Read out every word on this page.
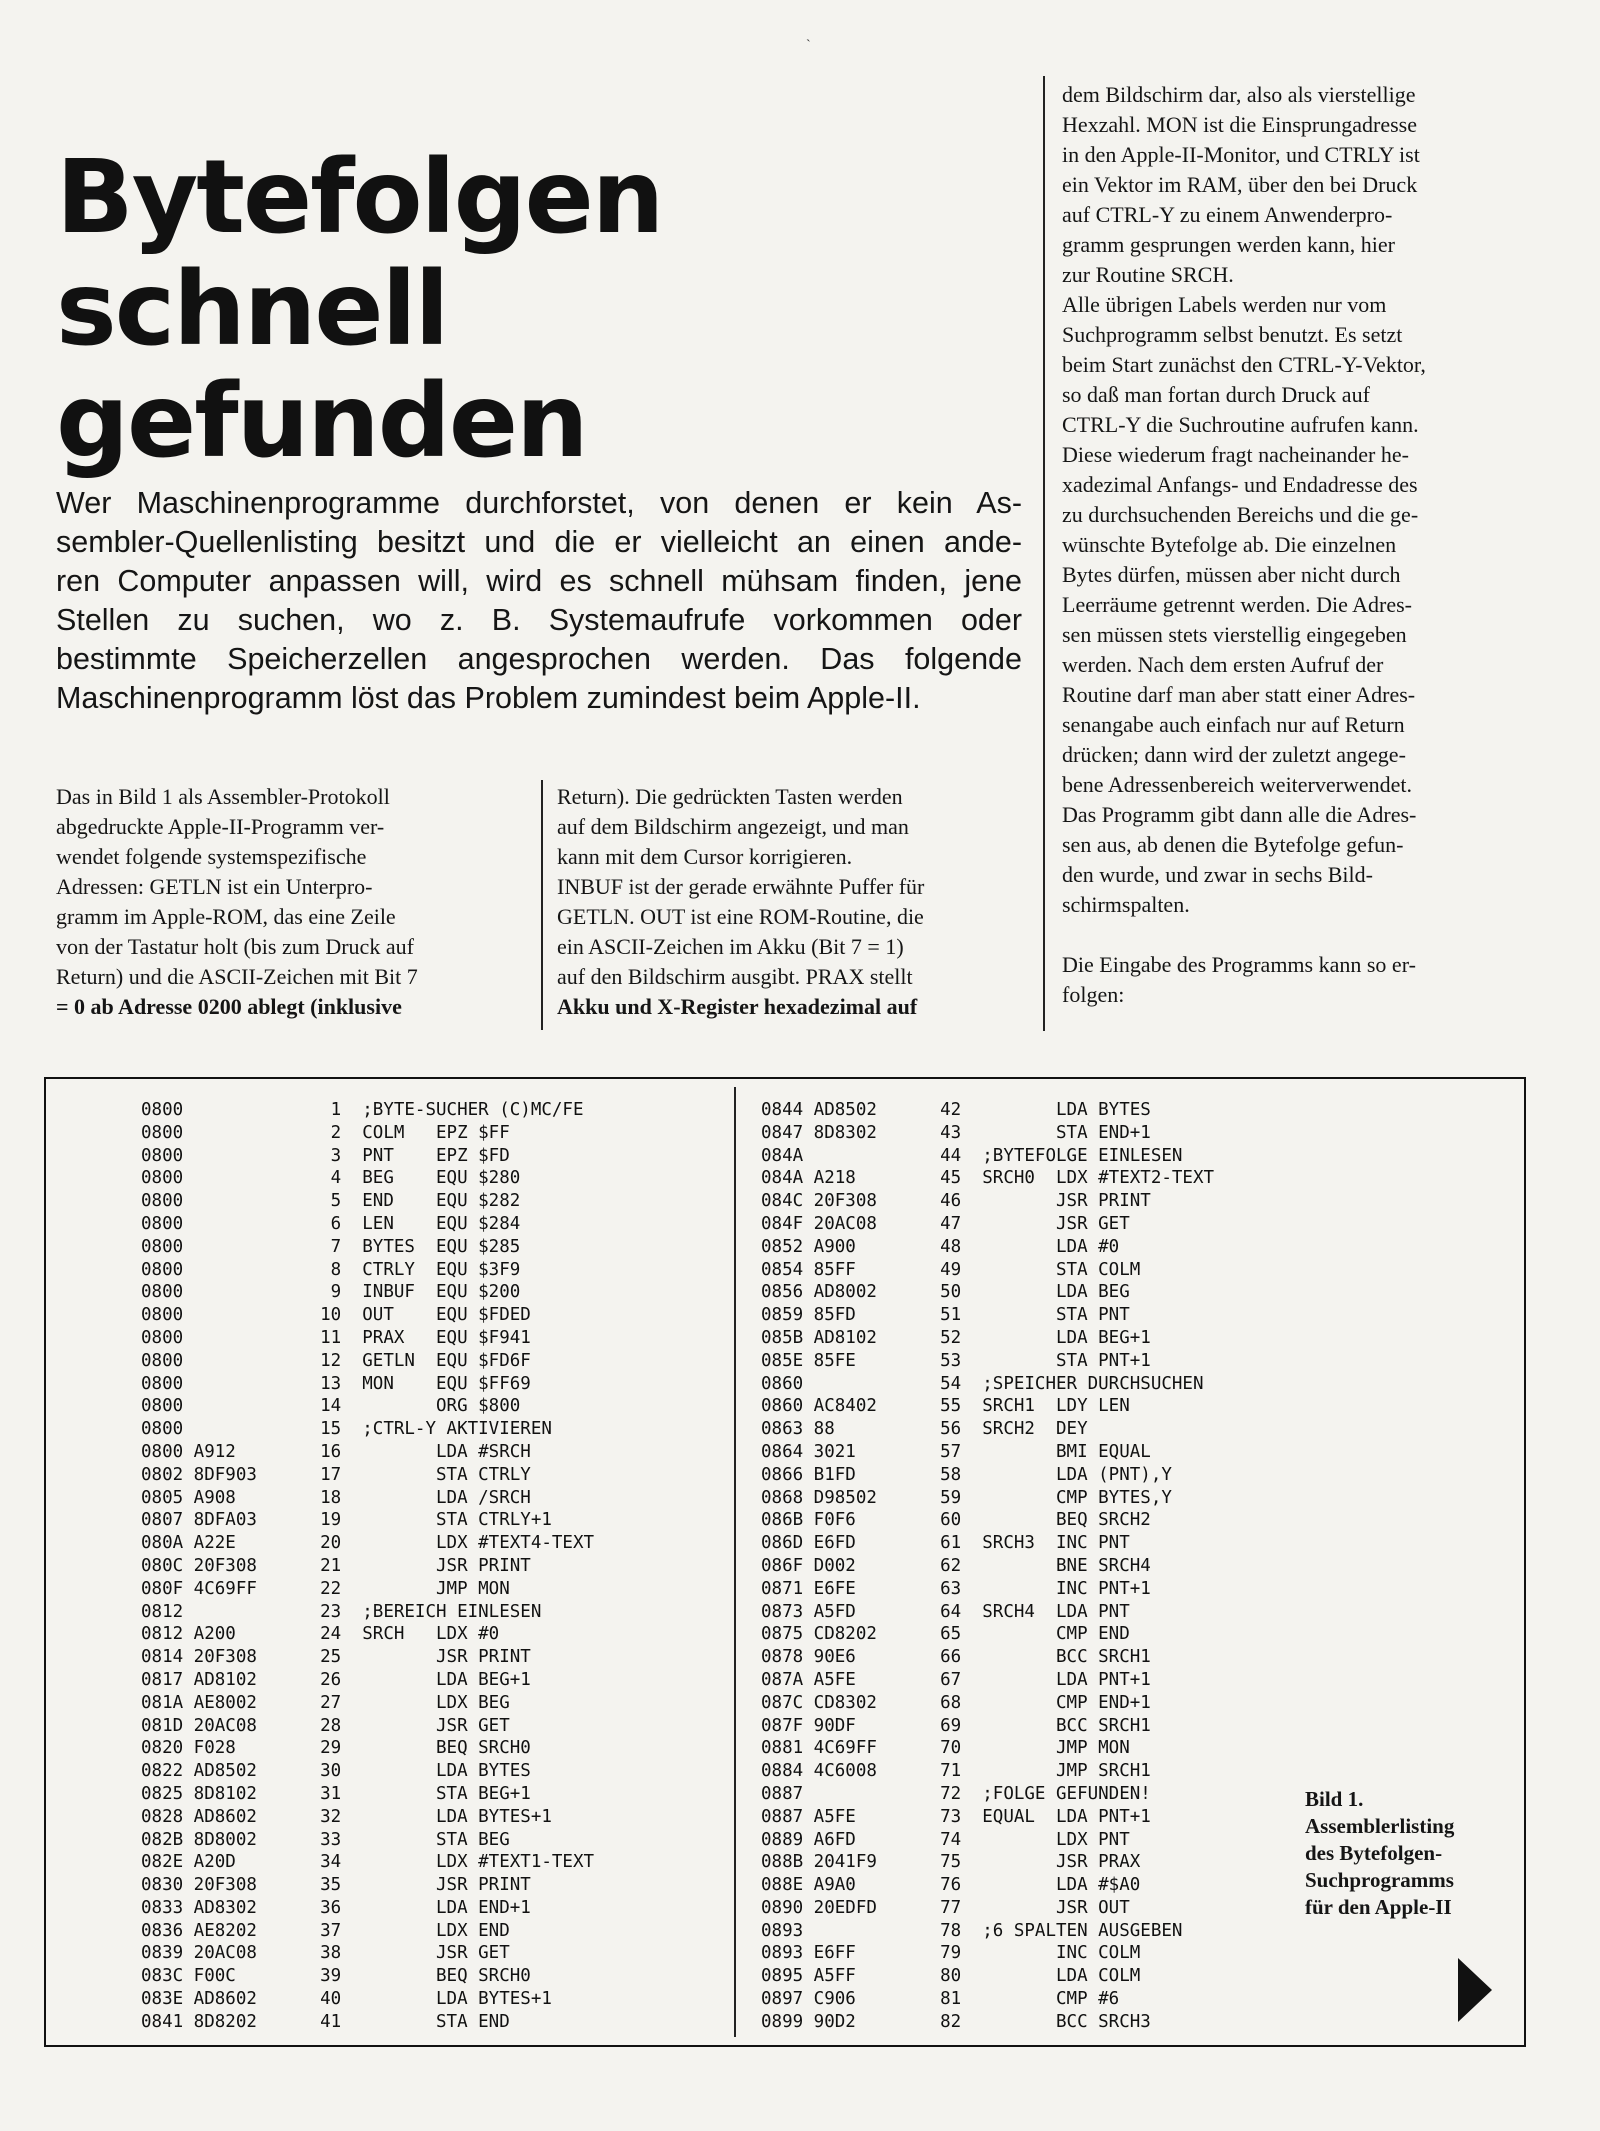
ˋ
Bytefolgen
schnell
gefunden

Wer Maschinenprogramme durchforstet, von denen er kein As-
sembler-Quellenlisting besitzt und die er vielleicht an einen ande-
ren Computer anpassen will, wird es schnell mühsam finden, jene
Stellen zu suchen, wo z. B. Systemaufrufe vorkommen oder
bestimmte Speicherzellen angesprochen werden. Das folgende
Maschinenprogramm löst das Problem zumindest beim Apple-II.

Das in Bild 1 als Assembler-Protokoll
abgedruckte Apple-II-Programm ver-
wendet folgende systemspezifische
Adressen: GETLN ist ein Unterpro-
gramm im Apple-ROM, das eine Zeile
von der Tastatur holt (bis zum Druck auf
Return) und die ASCII-Zeichen mit Bit 7
= 0 ab Adresse 0200 ablegt (inklusive
Return). Die gedrückten Tasten werden
auf dem Bildschirm angezeigt, und man
kann mit dem Cursor korrigieren.
INBUF ist der gerade erwähnte Puffer für
GETLN. OUT ist eine ROM-Routine, die
ein ASCII-Zeichen im Akku (Bit 7 = 1)
auf den Bildschirm ausgibt. PRAX stellt
Akku und X-Register hexadezimal auf
dem Bildschirm dar, also als vierstellige
Hexzahl. MON ist die Einsprungadresse
in den Apple-II-Monitor, und CTRLY ist
ein Vektor im RAM, über den bei Druck
auf CTRL-Y zu einem Anwenderpro-
gramm gesprungen werden kann, hier
zur Routine SRCH.
Alle übrigen Labels werden nur vom
Suchprogramm selbst benutzt. Es setzt
beim Start zunächst den CTRL-Y-Vektor,
so daß man fortan durch Druck auf
CTRL-Y die Suchroutine aufrufen kann.
Diese wiederum fragt nacheinander he-
xadezimal Anfangs- und Endadresse des
zu durchsuchenden Bereichs und die ge-
wünschte Bytefolge ab. Die einzelnen
Bytes dürfen, müssen aber nicht durch
Leerräume getrennt werden. Die Adres-
sen müssen stets vierstellig eingegeben
werden. Nach dem ersten Aufruf der
Routine darf man aber statt einer Adres-
senangabe auch einfach nur auf Return
drücken; dann wird der zuletzt angege-
bene Adressenbereich weiterverwendet.
Das Programm gibt dann alle die Adres-
sen aus, ab denen die Bytefolge gefun-
den wurde, und zwar in sechs Bild-
schirmspalten.

Die Eingabe des Programms kann so er-
folgen:
0800              1  ;BYTE-SUCHER (C)MC/FE
0800              2  COLM   EPZ $FF
0800              3  PNT    EPZ $FD
0800              4  BEG    EQU $280
0800              5  END    EQU $282
0800              6  LEN    EQU $284
0800              7  BYTES  EQU $285
0800              8  CTRLY  EQU $3F9
0800              9  INBUF  EQU $200
0800             10  OUT    EQU $FDED
0800             11  PRAX   EQU $F941
0800             12  GETLN  EQU $FD6F
0800             13  MON    EQU $FF69
0800             14         ORG $800
0800             15  ;CTRL-Y AKTIVIEREN
0800 A912        16         LDA #SRCH
0802 8DF903      17         STA CTRLY
0805 A908        18         LDA /SRCH
0807 8DFA03      19         STA CTRLY+1
080A A22E        20         LDX #TEXT4-TEXT
080C 20F308      21         JSR PRINT
080F 4C69FF      22         JMP MON
0812             23  ;BEREICH EINLESEN
0812 A200        24  SRCH   LDX #0
0814 20F308      25         JSR PRINT
0817 AD8102      26         LDA BEG+1
081A AE8002      27         LDX BEG
081D 20AC08      28         JSR GET
0820 F028        29         BEQ SRCH0
0822 AD8502      30         LDA BYTES
0825 8D8102      31         STA BEG+1
0828 AD8602      32         LDA BYTES+1
082B 8D8002      33         STA BEG
082E A20D        34         LDX #TEXT1-TEXT
0830 20F308      35         JSR PRINT
0833 AD8302      36         LDA END+1
0836 AE8202      37         LDX END
0839 20AC08      38         JSR GET
083C F00C        39         BEQ SRCH0
083E AD8602      40         LDA BYTES+1
0841 8D8202      41         STA END
0844 AD8502      42         LDA BYTES
0847 8D8302      43         STA END+1
084A             44  ;BYTEFOLGE EINLESEN
084A A218        45  SRCH0  LDX #TEXT2-TEXT
084C 20F308      46         JSR PRINT
084F 20AC08      47         JSR GET
0852 A900        48         LDA #0
0854 85FF        49         STA COLM
0856 AD8002      50         LDA BEG
0859 85FD        51         STA PNT
085B AD8102      52         LDA BEG+1
085E 85FE        53         STA PNT+1
0860             54  ;SPEICHER DURCHSUCHEN
0860 AC8402      55  SRCH1  LDY LEN
0863 88          56  SRCH2  DEY
0864 3021        57         BMI EQUAL
0866 B1FD        58         LDA (PNT),Y
0868 D98502      59         CMP BYTES,Y
086B F0F6        60         BEQ SRCH2
086D E6FD        61  SRCH3  INC PNT
086F D002        62         BNE SRCH4
0871 E6FE        63         INC PNT+1
0873 A5FD        64  SRCH4  LDA PNT
0875 CD8202      65         CMP END
0878 90E6        66         BCC SRCH1
087A A5FE        67         LDA PNT+1
087C CD8302      68         CMP END+1
087F 90DF        69         BCC SRCH1
0881 4C69FF      70         JMP MON
0884 4C6008      71         JMP SRCH1
0887             72  ;FOLGE GEFUNDEN!
0887 A5FE        73  EQUAL  LDA PNT+1
0889 A6FD        74         LDX PNT
088B 2041F9      75         JSR PRAX
088E A9A0        76         LDA #$A0
0890 20EDFD      77         JSR OUT
0893             78  ;6 SPALTEN AUSGEBEN
0893 E6FF        79         INC COLM
0895 A5FF        80         LDA COLM
0897 C906        81         CMP #6
0899 90D2        82         BCC SRCH3

Bild 1.
Assemblerlisting
des Bytefolgen-
Suchprogramms
für den Apple-II
